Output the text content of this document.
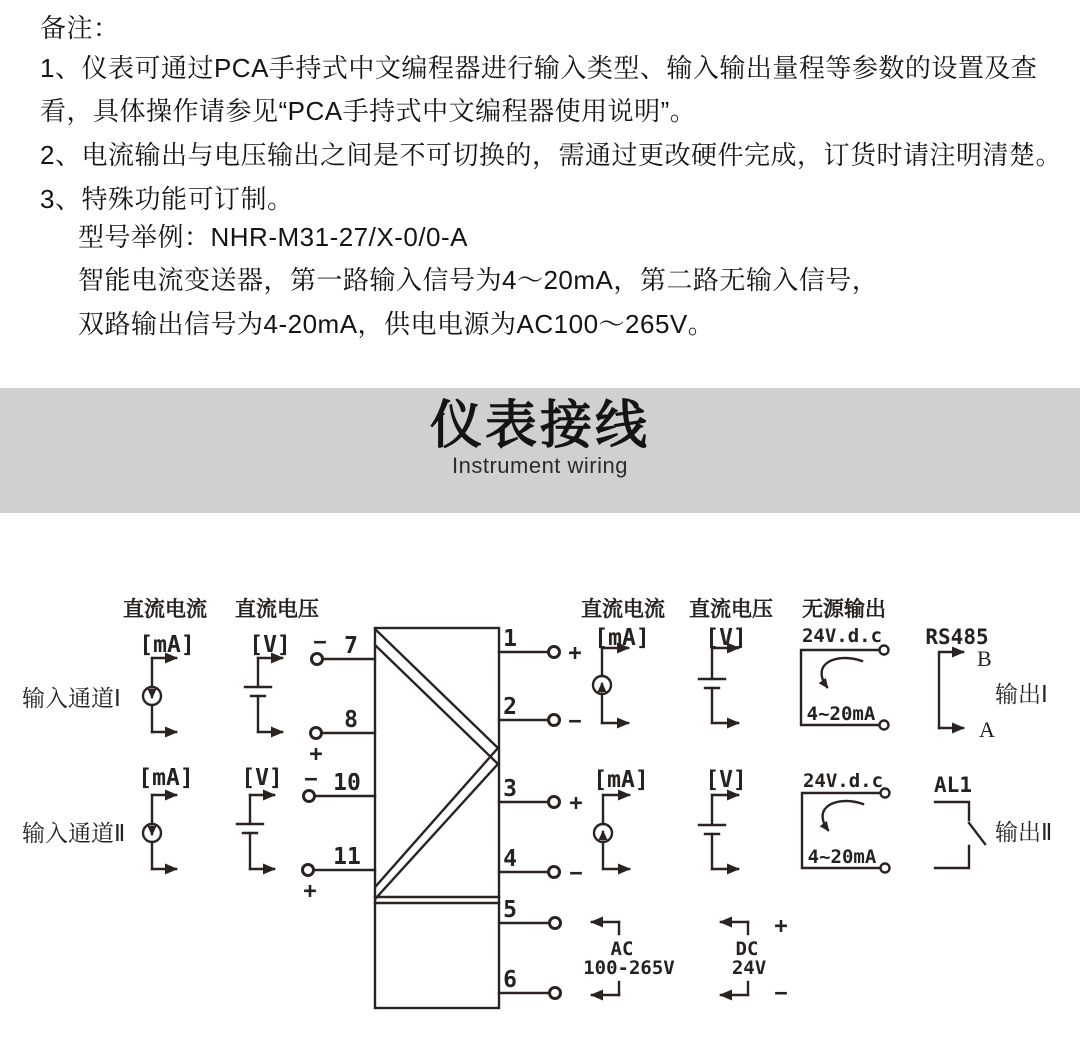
备注：
1、仪表可通过PCA手持式中文编程器进行输入类型、输入输出量程等参数的设置及查
看，具体操作请参见“PCA手持式中文编程器使用说明”。
2、电流输出与电压输出之间是不可切换的，需通过更改硬件完成，订货时请注明清楚。
3、特殊功能可订制。
型号举例：NHR-M31-27/X-0/0-A
智能电流变送器，第一路输入信号为4～20mA，第二路无输入信号，
双路输出信号为4-20mA，供电电源为AC100～265V。
仪表接线
Instrument wiring
直流电流 直流电压
[mA] [V]
输入通道Ⅰ
7
−
8
+
[mA] [V]
输入通道Ⅱ
10
−
11
+
1
+
2
−
3
+
4
−
5
6
直流电流 直流电压 无源输出
[mA] [V]	24V.d.c
4~20mA
RS485
B
A
输出Ⅰ
[mA] [V]	24V.d.c
4~20mA
AL1
输出Ⅱ
AC
100-265V
DC
24V
+
−
